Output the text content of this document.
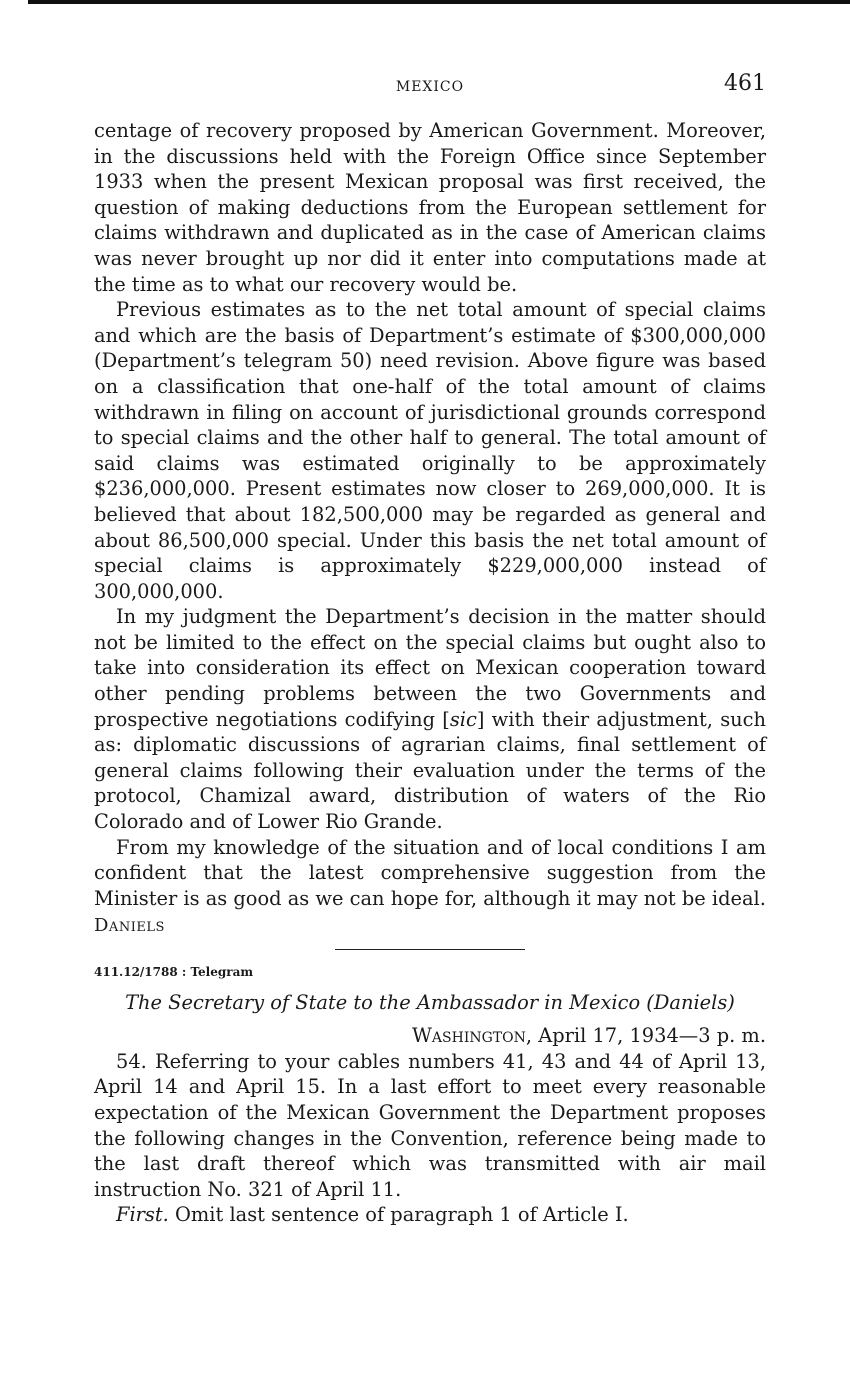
MEXICO	461

centage of recovery proposed by American Government. Moreover, in the discussions held with the Foreign Office since September 1933 when the present Mexican proposal was first received, the question of making deductions from the European settlement for claims withdrawn and duplicated as in the case of American claims was never brought up nor did it enter into computations made at the time as to what our recovery would be.

Previous estimates as to the net total amount of special claims and which are the basis of Department’s estimate of $300,000,000 (Department’s telegram 50) need revision. Above figure was based on a classification that one-half of the total amount of claims withdrawn in filing on account of jurisdictional grounds correspond to special claims and the other half to general. The total amount of said claims was estimated originally to be approximately $236,000,000. Present estimates now closer to 269,000,000. It is believed that about 182,500,000 may be regarded as general and about 86,500,000 special. Under this basis the net total amount of special claims is approximately $229,000,000 instead of 300,000,000.

In my judgment the Department’s decision in the matter should not be limited to the effect on the special claims but ought also to take into consideration its effect on Mexican cooperation toward other pending problems between the two Governments and prospective negotiations codifying [sic] with their adjustment, such as: diplomatic discussions of agrarian claims, final settlement of general claims following their evaluation under the terms of the protocol, Chamizal award, distribution of waters of the Rio Colorado and of Lower Rio Grande.

From my knowledge of the situation and of local conditions I am confident that the latest comprehensive suggestion from the Minister is as good as we can hope for, although it may not be ideal.

Daniels

411.12/1788 : Telegram

The Secretary of State to the Ambassador in Mexico (Daniels)

Washington, April 17, 1934—3 p. m.

54. Referring to your cables numbers 41, 43 and 44 of April 13, April 14 and April 15. In a last effort to meet every reasonable expectation of the Mexican Government the Department proposes the following changes in the Convention, reference being made to the last draft thereof which was transmitted with air mail instruction No. 321 of April 11.

First. Omit last sentence of paragraph 1 of Article I.
